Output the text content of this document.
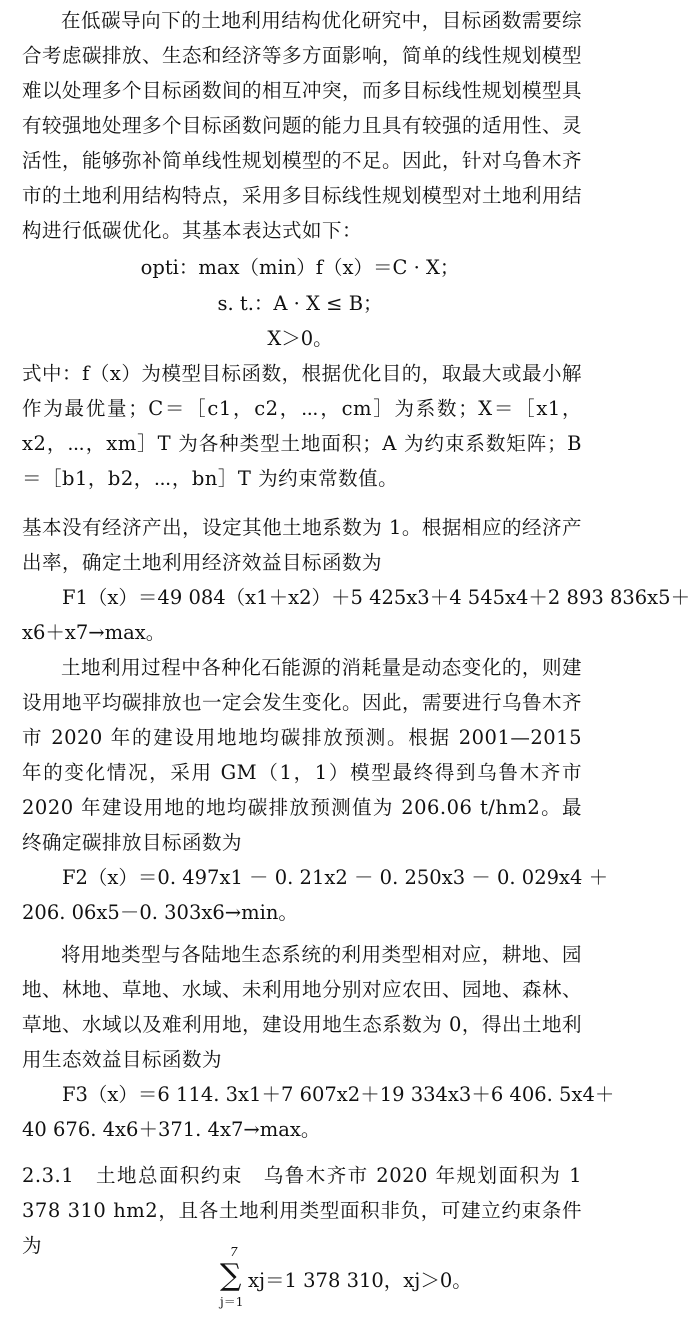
在低碳导向下的土地利用结构优化研究中，目标函数需要综合考虑碳排放、生态和经济等多方面影响，简单的线性规划模型难以处理多个目标函数间的相互冲突，而多目标线性规划模型具有较强地处理多个目标函数问题的能力且具有较强的适用性、灵活性，能够弥补简单线性规划模型的不足。因此，针对乌鲁木齐市的土地利用结构特点，采用多目标线性规划模型对土地利用结构进行低碳优化。其基本表达式如下：

opti：max（min）f（x）＝C · X；

s. t.：A · X ≤ B；

X＞0。

式中：f（x）为模型目标函数，根据优化目的，取最大或最小解作为最优量；C＝［c1，c2，⋯，cm］为系数；X＝［x1，x2，⋯，xm］T 为各种类型土地面积；A 为约束系数矩阵；B＝［b1，b2，⋯，bn］T 为约束常数值。

基本没有经济产出，设定其他土地系数为 1。根据相应的经济产出率，确定土地利用经济效益目标函数为

F1（x）＝49 084（x1＋x2）＋5 425x3＋4 545x4＋2 893 836x5＋

x6＋x7→max。

土地利用过程中各种化石能源的消耗量是动态变化的，则建设用地平均碳排放也一定会发生变化。因此，需要进行乌鲁木齐市 2020 年的建设用地地均碳排放预测。根据 2001—2015 年的变化情况，采用 GM（1，1）模型最终得到乌鲁木齐市 2020 年建设用地的地均碳排放预测值为 206.06 t/hm2。最终确定碳排放目标函数为

F2（x）＝0. 497x1 － 0. 21x2 － 0. 250x3 － 0. 029x4 ＋

206. 06x5－0. 303x6→min。

将用地类型与各陆地生态系统的利用类型相对应，耕地、园地、林地、草地、水域、未利用地分别对应农田、园地、森林、草地、水域以及难利用地，建设用地生态系数为 0，得出土地利用生态效益目标函数为

F3（x）＝6 114. 3x1＋7 607x2＋19 334x3＋6 406. 5x4＋

40 676. 4x6＋371. 4x7→max。

2.3.1　土地总面积约束　 乌鲁木齐市 2020 年规划面积为 1 378 310 hm2，且各土地利用类型面积非负，可建立约束条件为	7
∑
j＝1
xj＝1 378 310，xj＞0。
